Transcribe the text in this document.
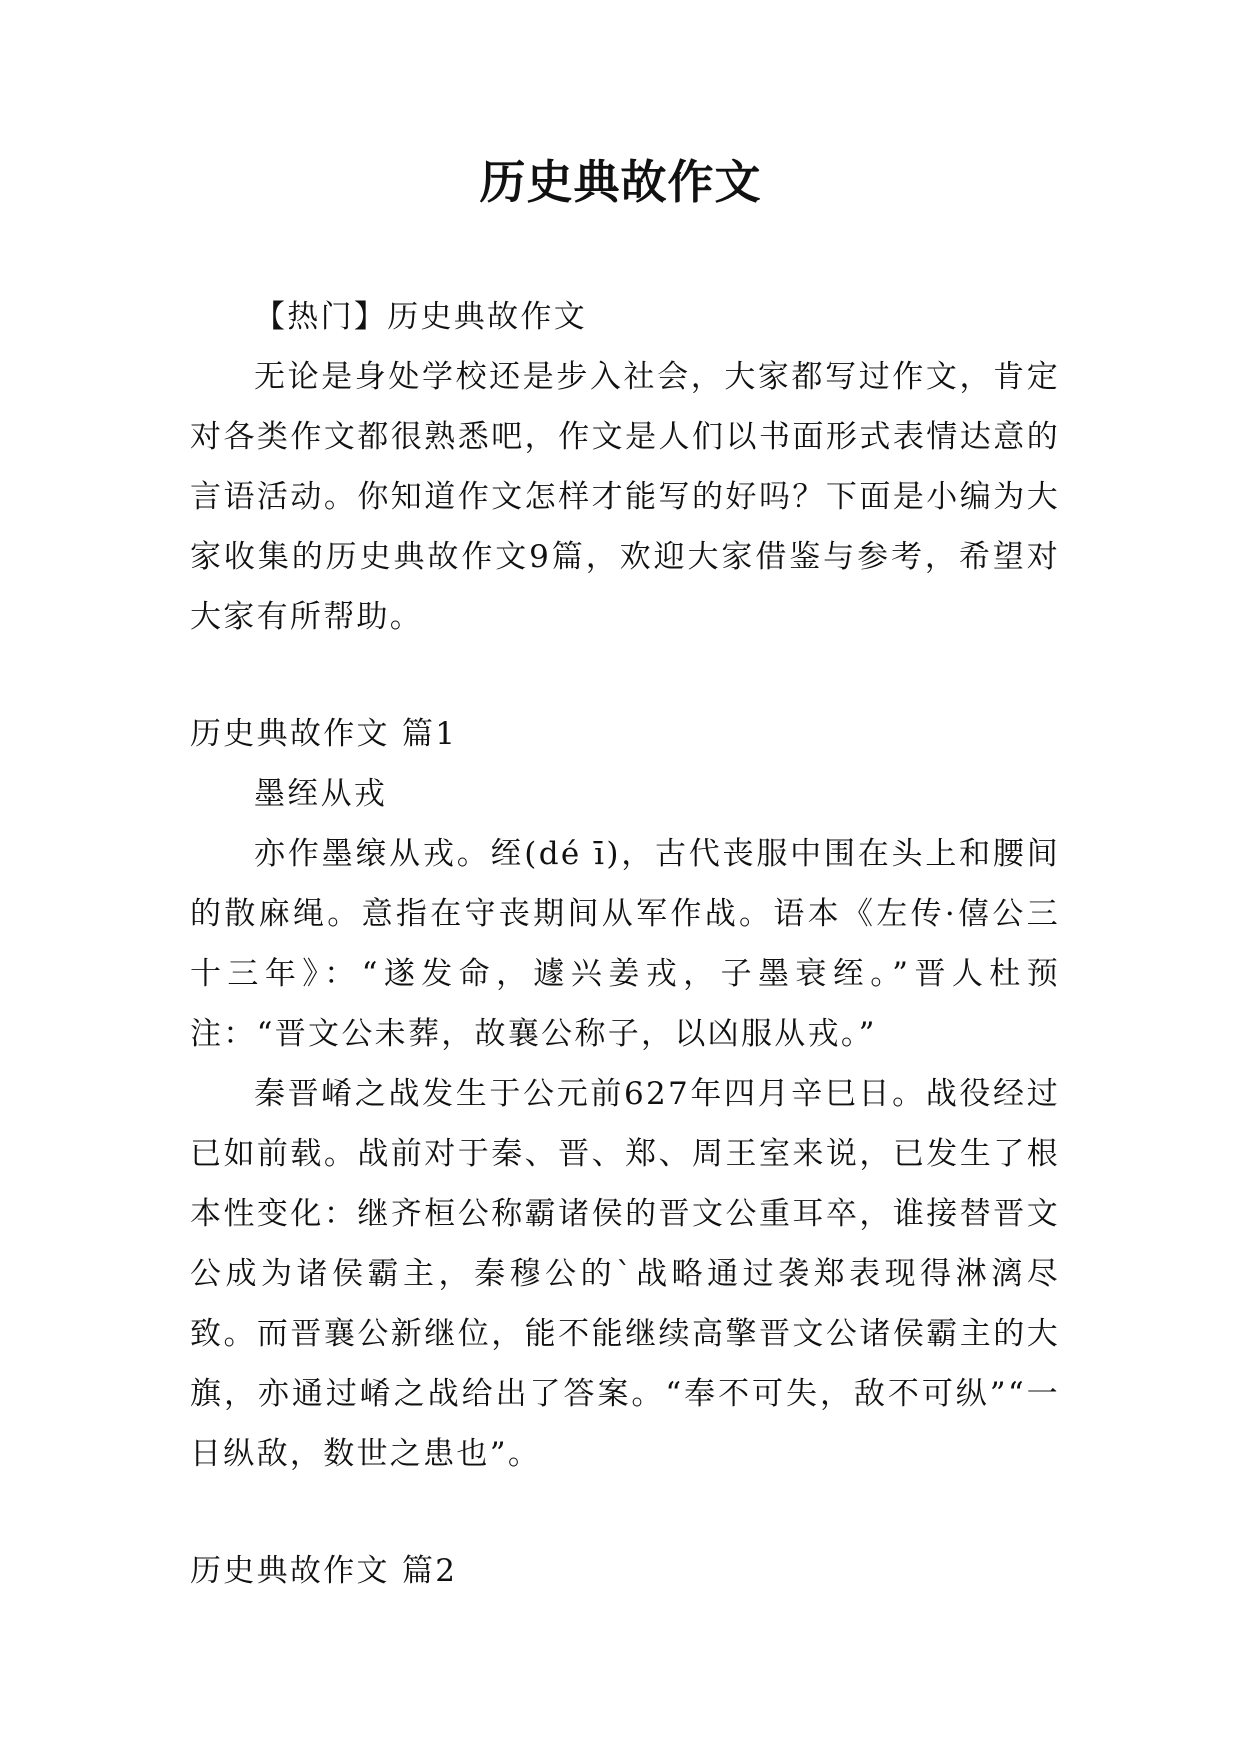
历史典故作文

【热门】历史典故作文

无论是身处学校还是步入社会，大家都写过作文，肯定对各类作文都很熟悉吧，作文是人们以书面形式表情达意的言语活动。你知道作文怎样才能写的好吗？下面是小编为大家收集的历史典故作文9篇，欢迎大家借鉴与参考，希望对大家有所帮助。

历史典故作文 篇1

墨绖从戎

亦作墨缞从戎。绖(dé ī)，古代丧服中围在头上和腰间的散麻绳。意指在守丧期间从军作战。语本《左传·僖公三十三年》：“遂发命，遽兴姜戎，子墨衰绖。”晋人杜预注：“晋文公未葬，故襄公称子，以凶服从戎。”

秦晋崤之战发生于公元前627年四月辛巳日。战役经过已如前载。战前对于秦、晋、郑、周王室来说，已发生了根本性变化：继齐桓公称霸诸侯的晋文公重耳卒，谁接替晋文公成为诸侯霸主，秦穆公的`战略通过袭郑表现得淋漓尽致。而晋襄公新继位，能不能继续高擎晋文公诸侯霸主的大旗，亦通过崤之战给出了答案。“奉不可失，敌不可纵”“一日纵敌，数世之患也”。

历史典故作文 篇2
